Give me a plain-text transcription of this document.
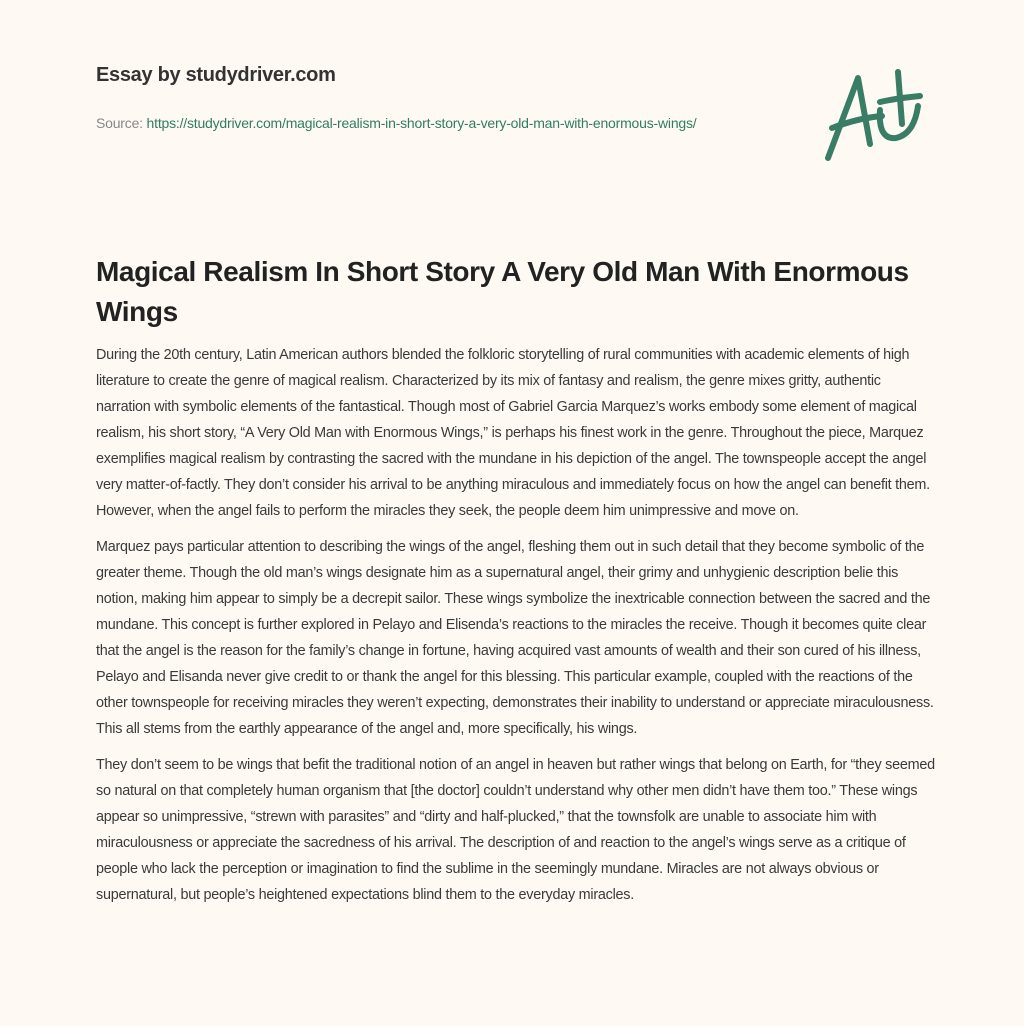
Essay by studydriver.com
Source: https://studydriver.com/magical-realism-in-short-story-a-very-old-man-with-enormous-wings/
Magical Realism In Short Story A Very Old Man With Enormous Wings

During the 20th century, Latin American authors blended the folkloric storytelling of rural communities with academic elements of high literature to create the genre of magical realism. Characterized by its mix of fantasy and realism, the genre mixes gritty, authentic narration with symbolic elements of the fantastical. Though most of Gabriel Garcia Marquez’s works embody some element of magical realism, his short story, “A Very Old Man with Enormous Wings,” is perhaps his finest work in the genre. Throughout the piece, Marquez exemplifies magical realism by contrasting the sacred with the mundane in his depiction of the angel. The townspeople accept the angel very matter-of-factly. They don’t consider his arrival to be anything miraculous and immediately focus on how the angel can benefit them. However, when the angel fails to perform the miracles they seek, the people deem him unimpressive and move on.

Marquez pays particular attention to describing the wings of the angel, fleshing them out in such detail that they become symbolic of the greater theme. Though the old man’s wings designate him as a supernatural angel, their grimy and unhygienic description belie this notion, making him appear to simply be a decrepit sailor. These wings symbolize the inextricable connection between the sacred and the mundane. This concept is further explored in Pelayo and Elisenda’s reactions to the miracles the receive. Though it becomes quite clear that the angel is the reason for the family’s change in fortune, having acquired vast amounts of wealth and their son cured of his illness, Pelayo and Elisanda never give credit to or thank the angel for this blessing. This particular example, coupled with the reactions of the other townspeople for receiving miracles they weren’t expecting, demonstrates their inability to understand or appreciate miraculousness. This all stems from the earthly appearance of the angel and, more specifically, his wings.

They don’t seem to be wings that befit the traditional notion of an angel in heaven but rather wings that belong on Earth, for “they seemed so natural on that completely human organism that [the doctor] couldn’t understand why other men didn’t have them too.” These wings appear so unimpressive, “strewn with parasites” and “dirty and half-plucked,” that the townsfolk are unable to associate him with miraculousness or appreciate the sacredness of his arrival. The description of and reaction to the angel’s wings serve as a critique of people who lack the perception or imagination to find the sublime in the seemingly mundane. Miracles are not always obvious or supernatural, but people’s heightened expectations blind them to the everyday miracles.
